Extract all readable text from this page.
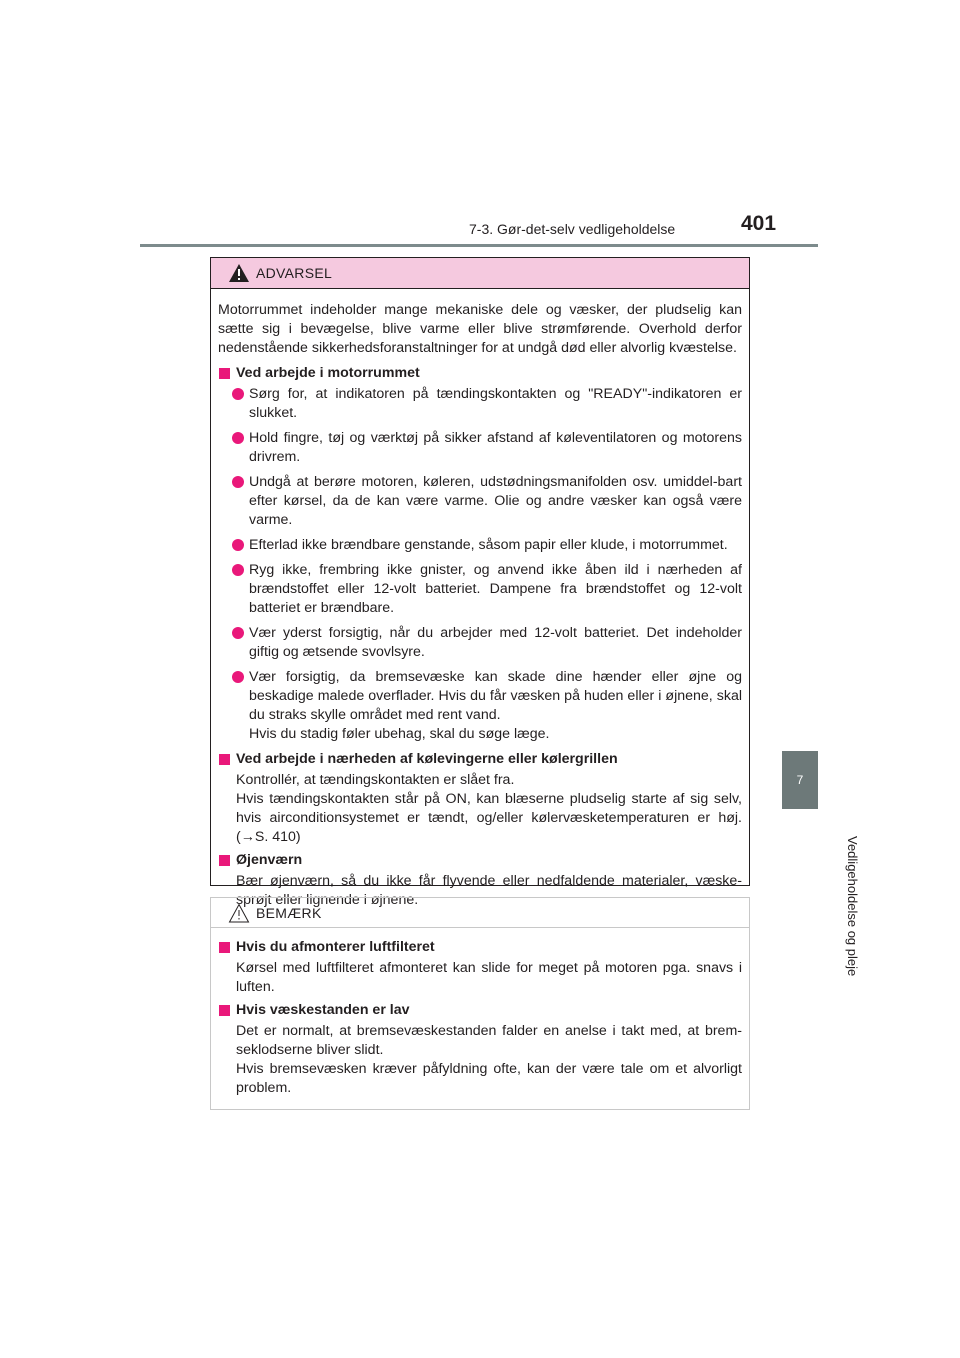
7-3. Gør-det-selv vedligeholdelse	401
7
Vedligeholdelse og pleje
ADVARSEL

Motorrummet indeholder mange mekaniske dele og væsker, der pludselig kan sætte sig i bevægelse, blive varme eller blive strømførende. Overhold derfor nedenstående sikkerhedsforanstaltninger for at undgå død eller alvorlig kvæstelse.

Ved arbejde i motorrummet
Sørg for, at indikatoren på tændingskontakten og "READY"-indikatoren er slukket.
Hold fingre, tøj og værktøj på sikker afstand af køleventilatoren og motorens drivrem.
Undgå at berøre motoren, køleren, udstødningsmanifolden osv. umiddel-bart efter kørsel, da de kan være varme. Olie og andre væsker kan også være varme.
Efterlad ikke brændbare genstande, såsom papir eller klude, i motorrummet.
Ryg ikke, frembring ikke gnister, og anvend ikke åben ild i nærheden af brændstoffet eller 12-volt batteriet. Dampene fra brændstoffet og 12-volt batteriet er brændbare.
Vær yderst forsigtig, når du arbejder med 12-volt batteriet. Det indeholder giftig og ætsende svovlsyre.
Vær forsigtig, da bremsevæske kan skade dine hænder eller øjne og beskadige malede overflader. Hvis du får væsken på huden eller i øjnene, skal du straks skylle området med rent vand.
Hvis du stadig føler ubehag, skal du søge læge.
Ved arbejde i nærheden af kølevingerne eller kølergrillen
Kontrollér, at tændingskontakten er slået fra.
Hvis tændingskontakten står på ON, kan blæserne pludselig starte af sig selv, hvis airconditionsystemet er tændt, og/eller kølervæsketemperaturen er høj. (→S. 410)
Øjenværn
Bær øjenværn, så du ikke får flyvende eller nedfaldende materialer, væske-sprøjt eller lignende i øjnene.
BEMÆRK
Hvis du afmonterer luftfilteret
Kørsel med luftfilteret afmonteret kan slide for meget på motoren pga. snavs i luften.
Hvis væskestanden er lav
Det er normalt, at bremsevæskestanden falder en anelse i takt med, at brem-seklodserne bliver slidt.
Hvis bremsevæsken kræver påfyldning ofte, kan der være tale om et alvorligt problem.
